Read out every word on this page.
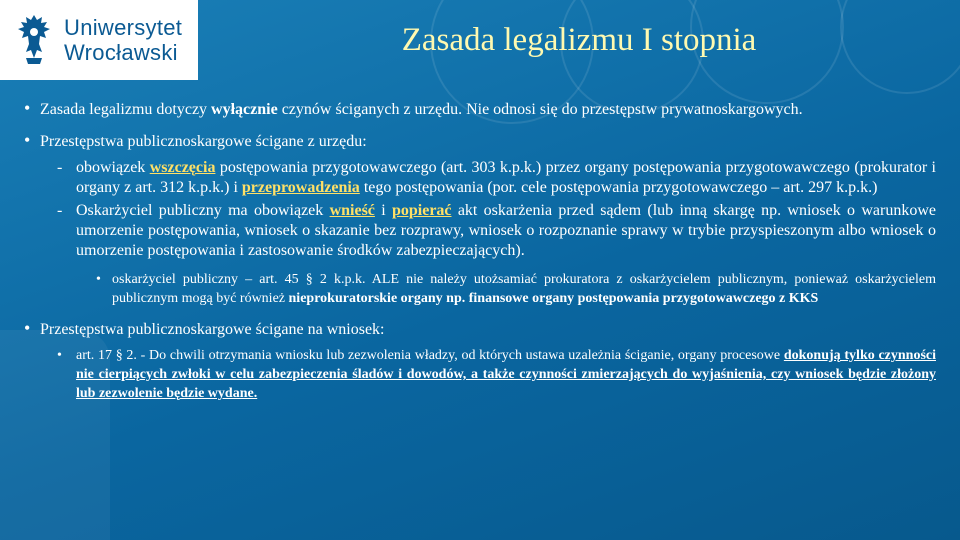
Uniwersytet
Wrocławski	Zasada legalizmu I stopnia
• Zasada legalizmu dotyczy wyłącznie czynów ściganych z urzędu. Nie odnosi się do przestępstw prywatnoskargowych.
• Przestępstwa publicznoskargowe ścigane z urzędu:
- obowiązek wszczęcia postępowania przygotowawczego (art. 303 k.p.k.) przez organy postępowania przygotowawczego (prokurator i organy z art. 312 k.p.k.) i przeprowadzenia tego postępowania (por. cele postępowania przygotowawczego – art. 297 k.p.k.)
- Oskarżyciel publiczny ma obowiązek wnieść i popierać akt oskarżenia przed sądem (lub inną skargę np. wniosek o warunkowe umorzenie postępowania, wniosek o skazanie bez rozprawy, wniosek o rozpoznanie sprawy w trybie przyspieszonym albo wniosek o umorzenie postępowania i zastosowanie środków zabezpieczających).
• oskarżyciel publiczny – art. 45 § 2 k.p.k. ALE nie należy utożsamiać prokuratora z oskarżycielem publicznym, ponieważ oskarżycielem publicznym mogą być również nieprokuratorskie organy np. finansowe organy postępowania przygotowawczego z KKS
• Przestępstwa publicznoskargowe ścigane na wniosek:
• art. 17 § 2. - Do chwili otrzymania wniosku lub zezwolenia władzy, od których ustawa uzależnia ściganie, organy procesowe dokonują tylko czynności nie cierpiących zwłoki w celu zabezpieczenia śladów i dowodów, a także czynności zmierzających do wyjaśnienia, czy wniosek będzie złożony lub zezwolenie będzie wydane.
